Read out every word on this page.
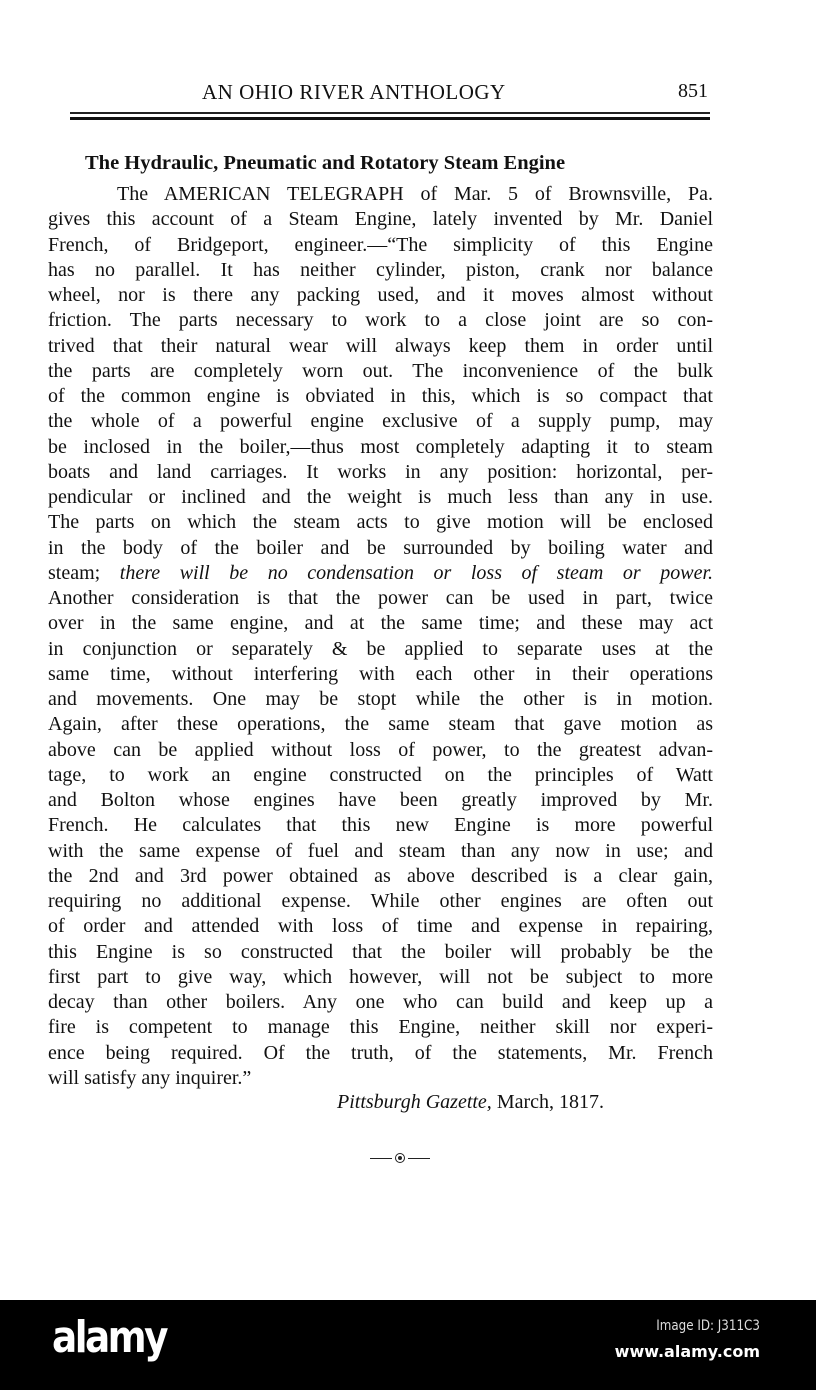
AN OHIO RIVER ANTHOLOGY	851
The Hydraulic, Pneumatic and Rotatory Steam Engine
The AMERICAN TELEGRAPH of Mar. 5 of Brownsville, Pa.
gives this account of a Steam Engine, lately invented by Mr. Daniel
French, of Bridgeport, engineer.—“The simplicity of this Engine
has no parallel. It has neither cylinder, piston, crank nor balance
wheel, nor is there any packing used, and it moves almost without
friction. The parts necessary to work to a close joint are so con-
trived that their natural wear will always keep them in order until
the parts are completely worn out. The inconvenience of the bulk
of the common engine is obviated in this, which is so compact that
the whole of a powerful engine exclusive of a supply pump, may
be inclosed in the boiler,—thus most completely adapting it to steam
boats and land carriages. It works in any position: horizontal, per-
pendicular or inclined and the weight is much less than any in use.
The parts on which the steam acts to give motion will be enclosed
in the body of the boiler and be surrounded by boiling water and
steam; there will be no condensation or loss of steam or power.
Another consideration is that the power can be used in part, twice
over in the same engine, and at the same time; and these may act
in conjunction or separately & be applied to separate uses at the
same time, without interfering with each other in their operations
and movements. One may be stopt while the other is in motion.
Again, after these operations, the same steam that gave motion as
above can be applied without loss of power, to the greatest advan-
tage, to work an engine constructed on the principles of Watt
and Bolton whose engines have been greatly improved by Mr.
French. He calculates that this new Engine is more powerful
with the same expense of fuel and steam than any now in use; and
the 2nd and 3rd power obtained as above described is a clear gain,
requiring no additional expense. While other engines are often out
of order and attended with loss of time and expense in repairing,
this Engine is so constructed that the boiler will probably be the
first part to give way, which however, will not be subject to more
decay than other boilers. Any one who can build and keep up a
fire is competent to manage this Engine, neither skill nor experi-
ence being required. Of the truth, of the statements, Mr. French
will satisfy any inquirer.”
Pittsburgh Gazette, March, 1817.
alamy	Image ID: J311C3
www.alamy.com
